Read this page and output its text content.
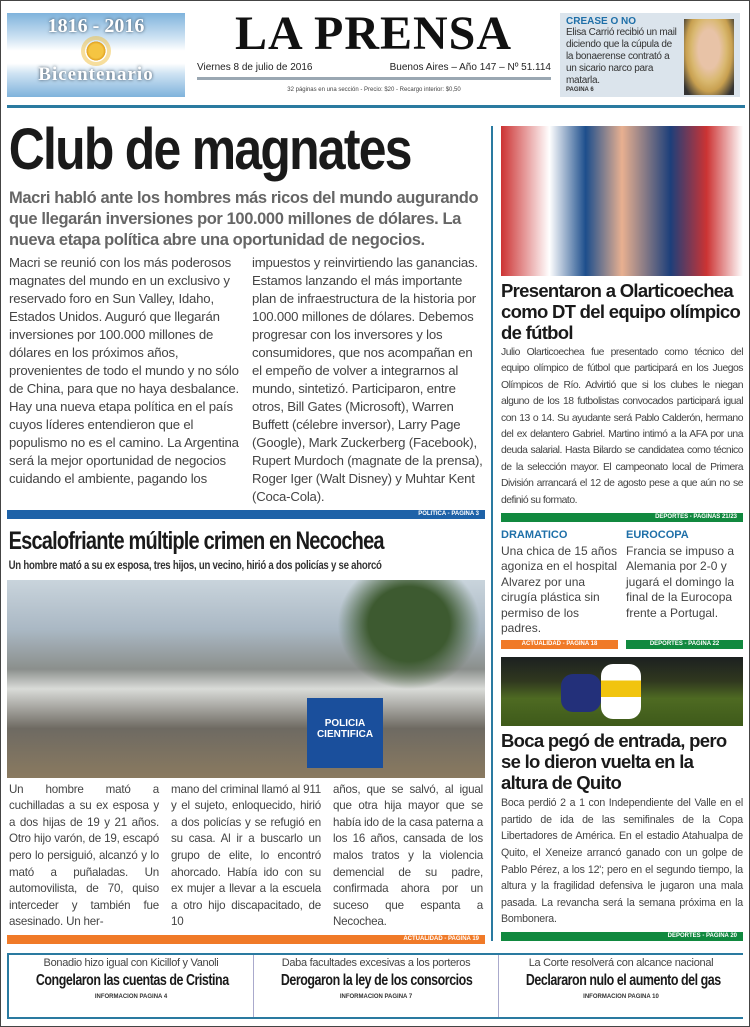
1816 - 2016
Bicentenario
LA PRENSA
Viernes 8 de julio de 2016	Buenos Aires – Año 147 – Nº 51.114
32 páginas en una sección - Precio: $20 - Recargo interior: $0,50
CREASE O NO
Elisa Carrió recibió un mail diciendo que la cúpula de la bonaerense contrató a un sicario narco para matarla.
PAGINA 6
Club de magnates
Macri habló ante los hombres más ricos del mundo augurando que llegarán inversiones por 100.000 millones de dólares. La nueva etapa política abre una oportunidad de negocios.
Macri se reunió con los más poderosos magnates del mundo en un exclusivo y reservado foro en Sun Valley, Idaho, Estados Unidos. Auguró que llegarán inversiones por 100.000 millones de dólares en los próximos años, provenientes de todo el mundo y no sólo de China, para que no haya desbalance. Hay una nueva etapa política en el país cuyos líderes entendieron que el populismo no es el camino. La Argentina será la mejor oportunidad de negocios cuidando el ambiente, pagando los
impuestos y reinvirtiendo las ganancias. Estamos lanzando el más importante plan de infraestructura de la historia por 100.000 millones de dólares. Debemos progresar con los inversores y los consumidores, que nos acompañan en el empeño de volver a integrarnos al mundo, sintetizó. Participaron, entre otros, Bill Gates (Microsoft), Warren Buffett (célebre inversor), Larry Page (Google), Mark Zuckerberg (Facebook), Rupert Murdoch (magnate de la prensa), Roger Iger (Walt Disney) y Muhtar Kent (Coca-Cola).
POLITICA - PAGINA 3
Escalofriante múltiple crimen en Necochea
Un hombre mató a su ex esposa, tres hijos, un vecino, hirió a dos policías y se ahorcó
POLICIA CIENTIFICA
Un hombre mató a cuchilladas a su ex esposa y a dos hijas de 19 y 21 años. Otro hijo varón, de 19, escapó pero lo persiguió, alcanzó y lo mató a puñaladas. Un automovilista, de 70, quiso interceder y también fue asesinado. Un her-
mano del criminal llamó al 911 y el sujeto, enloquecido, hirió a dos policías y se refugió en su casa. Al ir a buscarlo un grupo de elite, lo encontró ahorcado. Había ido con su ex mujer a llevar a la escuela a otro hijo discapacitado, de 10
años, que se salvó, al igual que otra hija mayor que se había ido de la casa paterna a los 16 años, cansada de los malos tratos y la violencia demencial de su padre, confirmada ahora por un suceso que espanta a Necochea.
ACTUALIDAD - PAGINA 19
Presentaron a Olarticoechea como DT del equipo olímpico de fútbol
Julio Olarticoechea fue presentado como técnico del equipo olímpico de fútbol que participará en los Juegos Olímpicos de Río. Advirtió que si los clubes le niegan alguno de los 18 futbolistas convocados participará igual con 13 o 14. Su ayudante será Pablo Calderón, hermano del ex delantero Gabriel. Martino intimó a la AFA por una deuda salarial. Hasta Bilardo se candidatea como técnico de la selección mayor. El campeonato local de Primera División arrancará el 12 de agosto pese a que aún no se definió su formato.
DEPORTES - PAGINAS 21/23
DRAMATICO
Una chica de 15 años agoniza en el hospital Alvarez por una cirugía plástica sin permiso de los padres.
ACTUALIDAD - PAGINA 18
EUROCOPA
Francia se impuso a Alemania por 2-0 y jugará el domingo la final de la Eurocopa frente a Portugal.
DEPORTES - PAGINA 22
Boca pegó de entrada, pero se lo dieron vuelta en la altura de Quito
Boca perdió 2 a 1 con Independiente del Valle en el partido de ida de las semifinales de la Copa Libertadores de América. En el estadio Atahualpa de Quito, el Xeneize arrancó ganado con un golpe de Pablo Pérez, a los 12'; pero en el segundo tiempo, la altura y la fragilidad defensiva le jugaron una mala pasada. La revancha será la semana próxima en la Bombonera.
DEPORTES - PAGINA 20
Bonadio hizo igual con Kicillof y Vanoli
Congelaron las cuentas de Cristina
INFORMACION PAGINA 4
Daba facultades excesivas a los porteros
Derogaron la ley de los consorcios
INFORMACION PAGINA 7
La Corte resolverá con alcance nacional
Declararon nulo el aumento del gas
INFORMACION PAGINA 10
